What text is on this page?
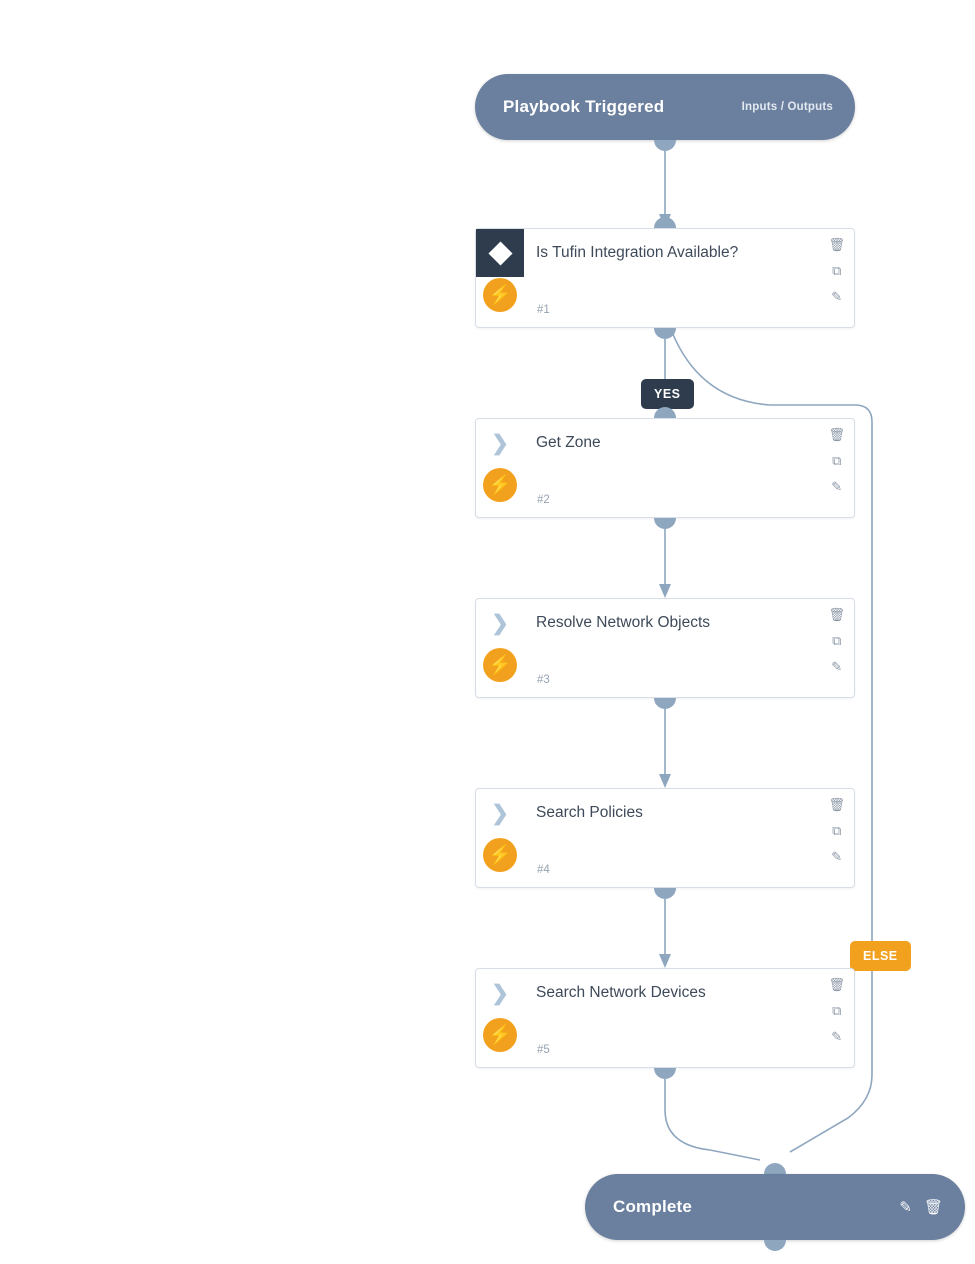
Playbook Triggered	Inputs / Outputs
⚡
Is Tufin Integration Available?
#1
🗑
⧉
✎
YES
❯
⚡
Get Zone
#2
🗑
⧉
✎
❯
⚡
Resolve Network Objects
#3
🗑
⧉
✎
❯
⚡
Search Policies
#4
🗑
⧉
✎
ELSE
❯
⚡
Search Network Devices
#5
🗑
⧉
✎
Complete	✎ 🗑
